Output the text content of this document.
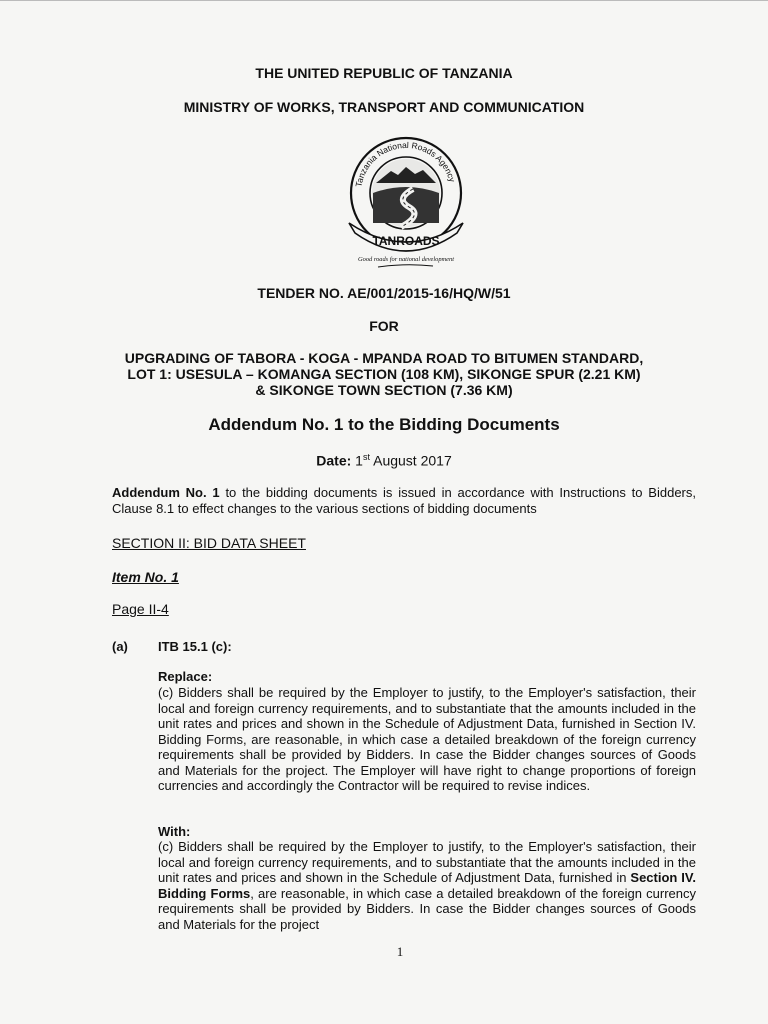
THE UNITED REPUBLIC OF TANZANIA
MINISTRY OF WORKS, TRANSPORT AND COMMUNICATION
Tanzania National Roads Agency
TANROADS
Good roads for national development
TENDER NO. AE/001/2015-16/HQ/W/51
FOR
UPGRADING OF TABORA - KOGA - MPANDA ROAD TO BITUMEN STANDARD,
LOT 1: USESULA – KOMANGA SECTION (108 KM), SIKONGE SPUR (2.21 KM)
& SIKONGE TOWN SECTION (7.36 KM)
Addendum No. 1 to the Bidding Documents
Date: 1st August 2017
Addendum No. 1 to the bidding documents is issued in accordance with Instructions to Bidders, Clause 8.1 to effect changes to the various sections of bidding documents
SECTION II: BID DATA SHEET
Item No. 1
Page II-4
(a) ITB 15.1 (c):
Replace:
(c) Bidders shall be required by the Employer to justify, to the Employer's satisfaction, their local and foreign currency requirements, and to substantiate that the amounts included in the unit rates and prices and shown in the Schedule of Adjustment Data, furnished in Section IV. Bidding Forms, are reasonable, in which case a detailed breakdown of the foreign currency requirements shall be provided by Bidders. In case the Bidder changes sources of Goods and Materials for the project. The Employer will have right to change proportions of foreign currencies and accordingly the Contractor will be required to revise indices.
With:
(c) Bidders shall be required by the Employer to justify, to the Employer's satisfaction, their local and foreign currency requirements, and to substantiate that the amounts included in the unit rates and prices and shown in the Schedule of Adjustment Data, furnished in Section IV. Bidding Forms, are reasonable, in which case a detailed breakdown of the foreign currency requirements shall be provided by Bidders. In case the Bidder changes sources of Goods and Materials for the project
1
